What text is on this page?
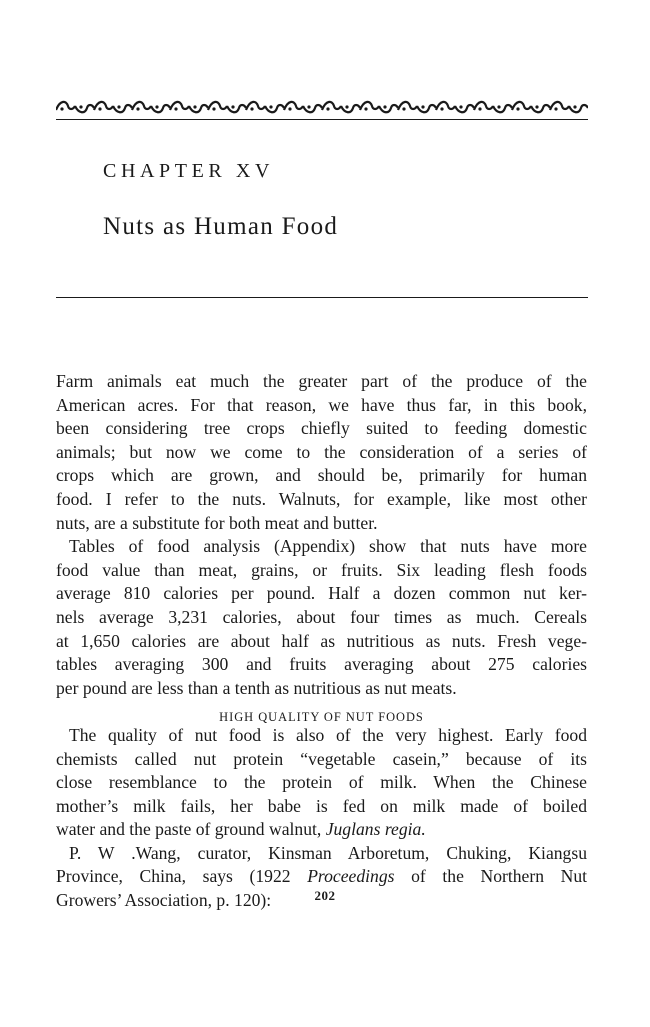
CHAPTER XV
Nuts as Human Food
Farm animals eat much the greater part of the produce of the
American acres. For that reason, we have thus far, in this book,
been considering tree crops chiefly suited to feeding domestic
animals; but now we come to the consideration of a series of
crops which are grown, and should be, primarily for human
food. I refer to the nuts. Walnuts, for example, like most other
nuts, are a substitute for both meat and butter.
Tables of food analysis (Appendix) show that nuts have more
food value than meat, grains, or fruits. Six leading flesh foods
average 810 calories per pound. Half a dozen common nut ker-
nels average 3,231 calories, about four times as much. Cereals
at 1,650 calories are about half as nutritious as nuts. Fresh vege-
tables averaging 300 and fruits averaging about 275 calories
per pound are less than a tenth as nutritious as nut meats.
HIGH QUALITY OF NUT FOODS
The quality of nut food is also of the very highest. Early food
chemists called nut protein “vegetable casein,” because of its
close resemblance to the protein of milk. When the Chinese
mother’s milk fails, her babe is fed on milk made of boiled
water and the paste of ground walnut, Juglans regia.
P. W .Wang, curator, Kinsman Arboretum, Chuking, Kiangsu
Province, China, says (1922 Proceedings of the Northern Nut
Growers’ Association, p. 120):	202
